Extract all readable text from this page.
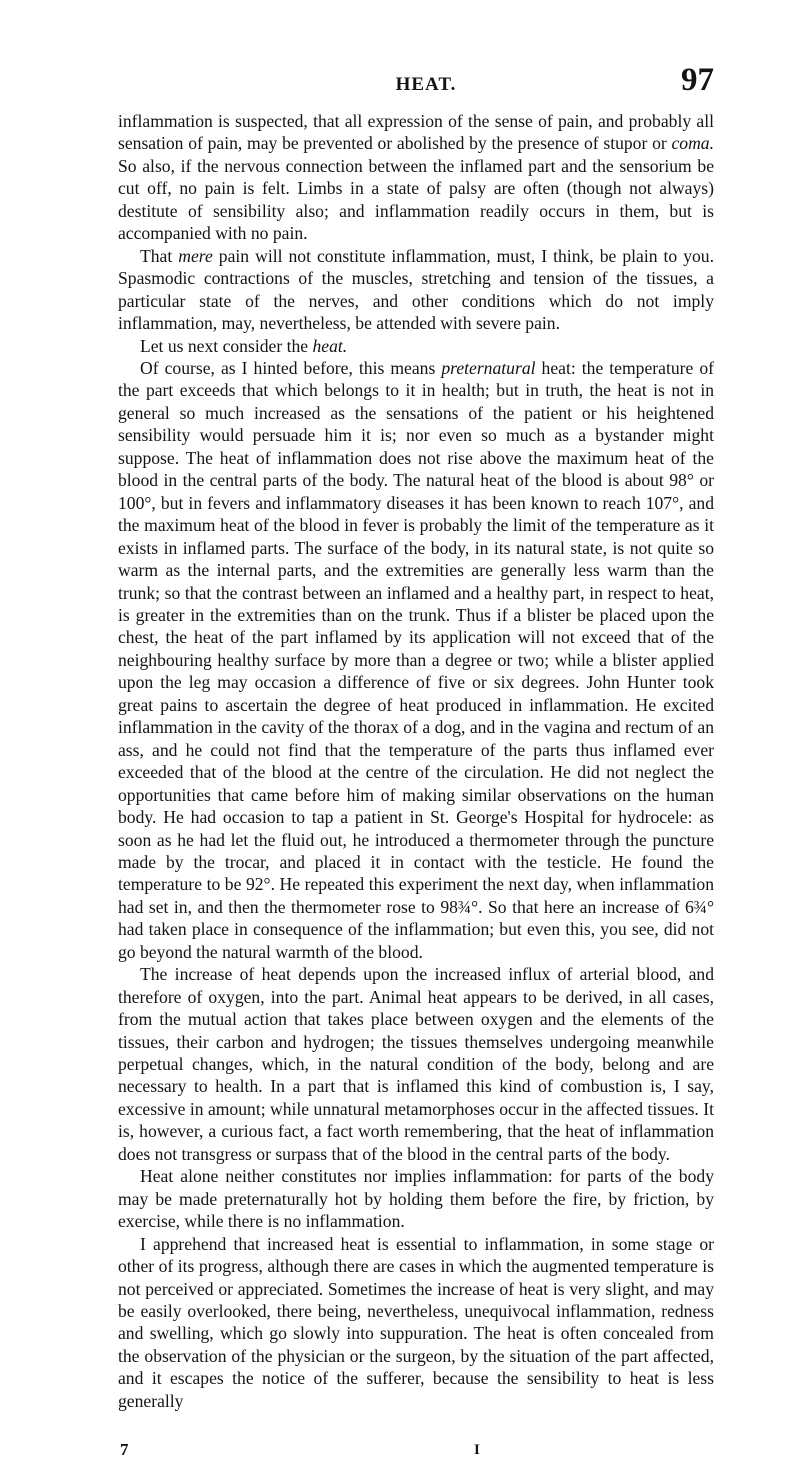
HEAT.	97

inflammation is suspected, that all expression of the sense of pain, and probably all sensation of pain, may be prevented or abolished by the presence of stupor or coma. So also, if the nervous connection between the inflamed part and the sensorium be cut off, no pain is felt. Limbs in a state of palsy are often (though not always) destitute of sensibility also; and inflammation readily occurs in them, but is accompanied with no pain.

That mere pain will not constitute inflammation, must, I think, be plain to you. Spasmodic contractions of the muscles, stretching and tension of the tissues, a particular state of the nerves, and other conditions which do not imply inflammation, may, nevertheless, be attended with severe pain.

Let us next consider the heat.

Of course, as I hinted before, this means preternatural heat: the temperature of the part exceeds that which belongs to it in health; but in truth, the heat is not in general so much increased as the sensations of the patient or his heightened sensibility would persuade him it is; nor even so much as a bystander might suppose. The heat of inflammation does not rise above the maximum heat of the blood in the central parts of the body. The natural heat of the blood is about 98° or 100°, but in fevers and inflammatory diseases it has been known to reach 107°, and the maximum heat of the blood in fever is probably the limit of the temperature as it exists in inflamed parts. The surface of the body, in its natural state, is not quite so warm as the internal parts, and the extremities are generally less warm than the trunk; so that the contrast between an inflamed and a healthy part, in respect to heat, is greater in the extremities than on the trunk. Thus if a blister be placed upon the chest, the heat of the part inflamed by its application will not exceed that of the neighbouring healthy surface by more than a degree or two; while a blister applied upon the leg may occasion a difference of five or six degrees. John Hunter took great pains to ascertain the degree of heat produced in inflammation. He excited inflammation in the cavity of the thorax of a dog, and in the vagina and rectum of an ass, and he could not find that the temperature of the parts thus inflamed ever exceeded that of the blood at the centre of the circulation. He did not neglect the opportunities that came before him of making similar observations on the human body. He had occasion to tap a patient in St. George's Hospital for hydrocele: as soon as he had let the fluid out, he introduced a thermometer through the puncture made by the trocar, and placed it in contact with the testicle. He found the temperature to be 92°. He repeated this experiment the next day, when inflammation had set in, and then the thermometer rose to 98¾°. So that here an increase of 6¾° had taken place in consequence of the inflammation; but even this, you see, did not go beyond the natural warmth of the blood.

The increase of heat depends upon the increased influx of arterial blood, and therefore of oxygen, into the part. Animal heat appears to be derived, in all cases, from the mutual action that takes place between oxygen and the elements of the tissues, their carbon and hydrogen; the tissues themselves undergoing meanwhile perpetual changes, which, in the natural condition of the body, belong and are necessary to health. In a part that is inflamed this kind of combustion is, I say, excessive in amount; while unnatural metamorphoses occur in the affected tissues. It is, however, a curious fact, a fact worth remembering, that the heat of inflammation does not transgress or surpass that of the blood in the central parts of the body.

Heat alone neither constitutes nor implies inflammation: for parts of the body may be made preternaturally hot by holding them before the fire, by friction, by exercise, while there is no inflammation.

I apprehend that increased heat is essential to inflammation, in some stage or other of its progress, although there are cases in which the augmented temperature is not perceived or appreciated. Sometimes the increase of heat is very slight, and may be easily overlooked, there being, nevertheless, unequivocal inflammation, redness and swelling, which go slowly into suppuration. The heat is often concealed from the observation of the physician or the surgeon, by the situation of the part affected, and it escapes the notice of the sufferer, because the sensibility to heat is less generally

7	I
